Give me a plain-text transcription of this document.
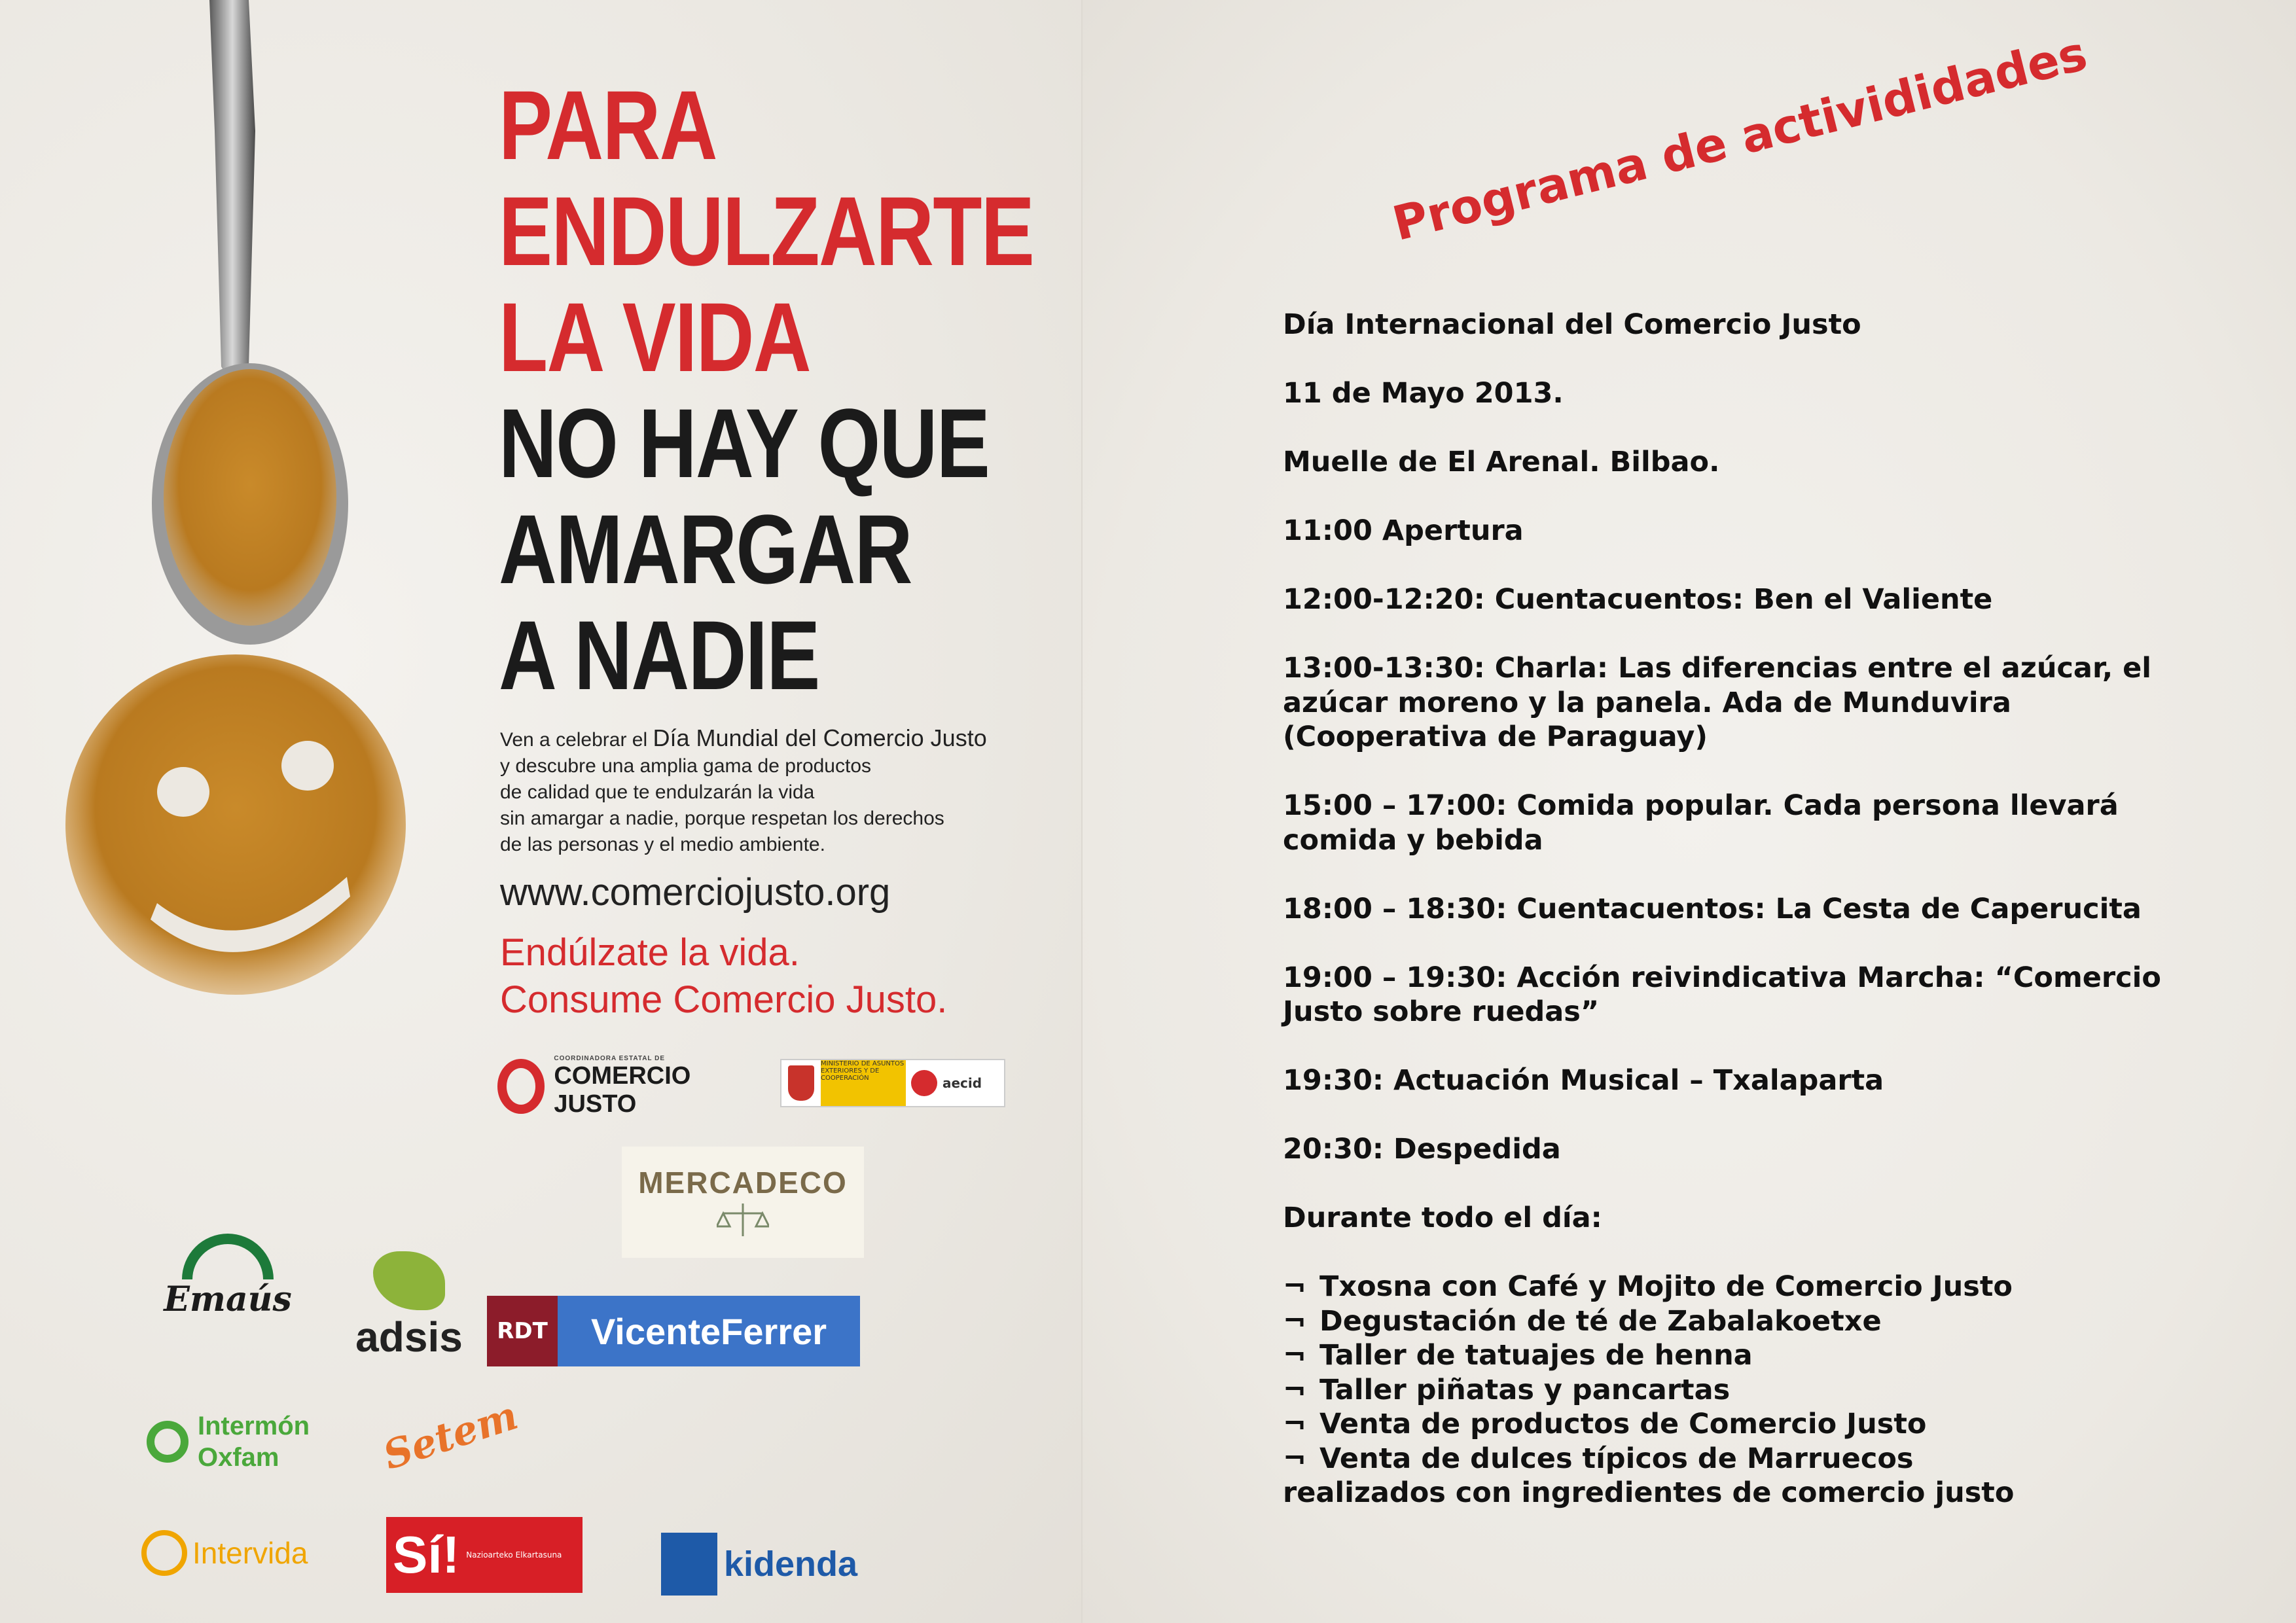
PARA
ENDULZARTE
LA VIDA
NO HAY QUE
AMARGAR
A NADIE

Ven a celebrar el Día Mundial del Comercio Justo
y descubre una amplia gama de productos
de calidad que te endulzarán la vida
sin amargar a nadie, porque respetan los derechos
de las personas y el medio ambiente.

www.comerciojusto.org

Endúlzate la vida.
Consume Comercio Justo.

COORDINADORA ESTATAL DE
COMERCIO JUSTO
MINISTERIO DE ASUNTOS EXTERIORES Y DE COOPERACIÓN	aecid
MERCADECO
Emaús
adsis	RDT	VicenteFerrer
Intermón
Oxfam	Setem
Intervida Sí! Nazioarteko Elkartasuna	kidenda
Programa de activididades
Día Internacional del Comercio Justo
11 de Mayo 2013.
Muelle de El Arenal. Bilbao.
11:00 Apertura
12:00-12:20: Cuentacuentos: Ben el Valiente
13:00-13:30: Charla: Las diferencias entre el azúcar, el azúcar moreno y la panela. Ada de Munduvira (Cooperativa de Paraguay)
15:00 – 17:00: Comida popular. Cada persona llevará comida y bebida
18:00 – 18:30: Cuentacuentos: La Cesta de Caperucita
19:00 – 19:30: Acción reivindicativa Marcha: “Comercio Justo sobre ruedas”
19:30: Actuación Musical – Txalaparta
20:30: Despedida
Durante todo el día:
¬ Txosna con Café y Mojito de Comercio Justo
¬ Degustación de té de Zabalakoetxe
¬ Taller de tatuajes de henna
¬ Taller piñatas y pancartas
¬ Venta de productos de Comercio Justo
¬ Venta de dulces típicos de Marruecos
realizados con ingredientes de comercio justo
